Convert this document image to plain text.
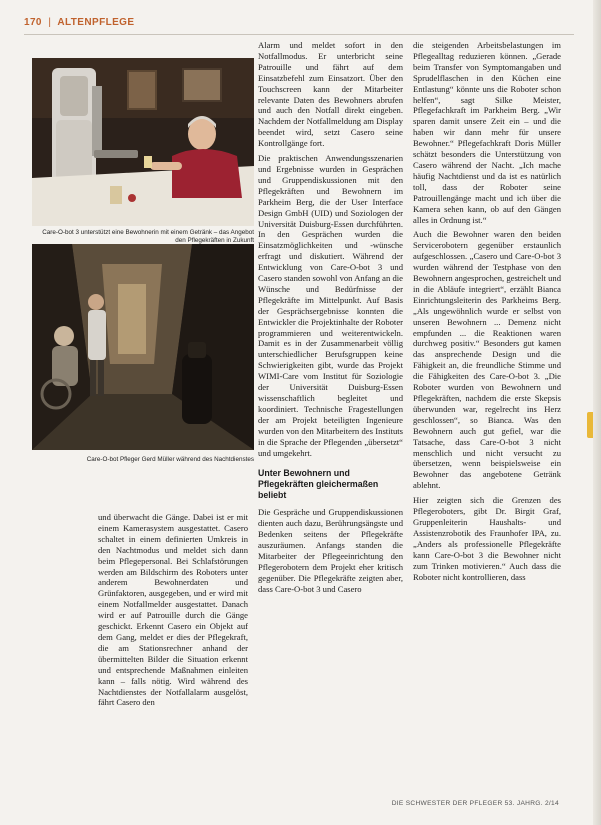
170 | ALTENPFLEGE
Care-O-bot 3 unterstützt eine Bewohnerin mit einem Getränk – das Angebot den Pflegekräften in Zukunft
Care-O-bot Pfleger Gerd Müller während des Nachtdienstes

und überwacht die Gänge. Dabei ist er mit einem Kamerasystem ausgestattet. Casero schaltet in einem definierten Umkreis in den Nachtmodus und meldet sich dann beim Pflegepersonal. Bei Schlafstörungen werden am Bildschirm des Roboters unter anderem Bewohnerdaten und Grünfaktoren, ausgegeben, und er wird mit einem Notfallmelder ausgestattet. Danach wird er auf Patrouille durch die Gänge geschickt. Erkennt Casero ein Objekt auf dem Gang, meldet er dies der Pflegekraft, die am Stationsrechner anhand der übermittelten Bilder die Situation erkennt und entsprechende Maßnahmen einleiten kann – falls nötig. Wird während des Nachtdienstes der Notfallalarm ausgelöst, fährt Casero den

Alarm und meldet sofort in den Notfallmodus. Er unterbricht seine Patrouille und fährt auf dem Einsatzbefehl zum Einsatzort. Über den Touchscreen kann der Mitarbeiter relevante Daten des Bewohners abrufen und auch den Notfall direkt eingeben. Nachdem der Notfallmeldung am Display beendet wird, setzt Casero seine Kontrollgänge fort.

Die praktischen Anwendungsszenarien und Ergebnisse wurden in Gesprächen und Gruppendiskussionen mit den Pflegekräften und Bewohnern im Parkheim Berg, die der User Interface Design GmbH (UID) und Soziologen der Universität Duisburg-Essen durchführten. In den Gesprächen wurden die Einsatzmöglichkeiten und -wünsche erfragt und diskutiert. Während der Entwicklung von Care-O-bot 3 und Casero standen sowohl von Anfang an die Wünsche und Bedürfnisse der Pflegekräfte im Mittelpunkt. Auf Basis der Gesprächsergebnisse konnten die Entwickler die Projektinhalte der Roboter programmieren und weiterentwickeln. Damit es in der Zusammenarbeit völlig unterschiedlicher Berufsgruppen keine Schwierigkeiten gibt, wurde das Projekt WIMI-Care vom Institut für Soziologie der Universität Duisburg-Essen wissenschaftlich begleitet und koordiniert. Technische Fragestellungen der am Projekt beteiligten Ingenieure wurden von den Mitarbeitern des Instituts in die Sprache der Pflegenden „übersetzt“ und umgekehrt.

Unter Bewohnern und Pflegekräften gleichermaßen beliebt

Die Gespräche und Gruppendiskussionen dienten auch dazu, Berührungsängste und Bedenken seitens der Pflegekräfte auszuräumen. Anfangs standen die Mitarbeiter der Pflegeeinrichtung den Pflegerobotern dem Projekt eher kritisch gegenüber. Die Pflegekräfte zeigten aber, dass Care-O-bot 3 und Casero

die steigenden Arbeitsbelastungen im Pflegealltag reduzieren können. „Gerade beim Transfer von Symptomangaben und Sprudelflaschen in den Küchen eine Entlastung“ könnte uns die Roboter schon helfen“, sagt Silke Meister, Pflegefachkraft im Parkheim Berg. „Wir sparen damit unsere Zeit ein – und die haben wir dann mehr für unsere Bewohner.“ Pflegefachkraft Doris Müller schätzt besonders die Unterstützung von Casero während der Nacht. „Ich mache häufig Nachtdienst und da ist es natürlich toll, dass der Roboter seine Patrouillengänge macht und ich über die Kamera sehen kann, ob auf den Gängen alles in Ordnung ist.“

Auch die Bewohner waren den beiden Servicerobotern gegenüber erstaunlich aufgeschlossen. „Casero und Care-O-bot 3 wurden während der Testphase von den Bewohnern angesprochen, gestreichelt und in die Abläufe integriert“, erzählt Bianca Einrichtungsleiterin des Parkheims Berg. „Als ungewöhnlich wurde er selbst von unseren Bewohnern ... Demenz nicht empfunden ... die Reaktionen waren durchweg positiv.“ Besonders gut kamen das ansprechende Design und die Fähigkeit an, die freundliche Stimme und die Fähigkeiten des Care-O-bot 3. „Die Roboter wurden von Bewohnern und Pflegekräften, nachdem die erste Skepsis überwunden war, regelrecht ins Herz geschlossen“, so Bianca. Was den Bewohnern auch gut gefiel, war die Tatsache, dass Care-O-bot 3 nicht menschlich und nicht versucht zu übersetzen, wenn beispielsweise ein Bewohner das angebotene Getränk ablehnt.

Hier zeigten sich die Grenzen des Pflegeroboters, gibt Dr. Birgit Graf, Gruppenleiterin Haushalts- und Assistenzrobotik des Fraunhofer IPA, zu. „Anders als professionelle Pflegekräfte kann Care-O-bot 3 die Bewohner nicht zum Trinken motivieren.“ Auch dass die Roboter nicht kontrollieren, dass

DIE SCHWESTER DER PFLEGER 53. JAHRG. 2/14
